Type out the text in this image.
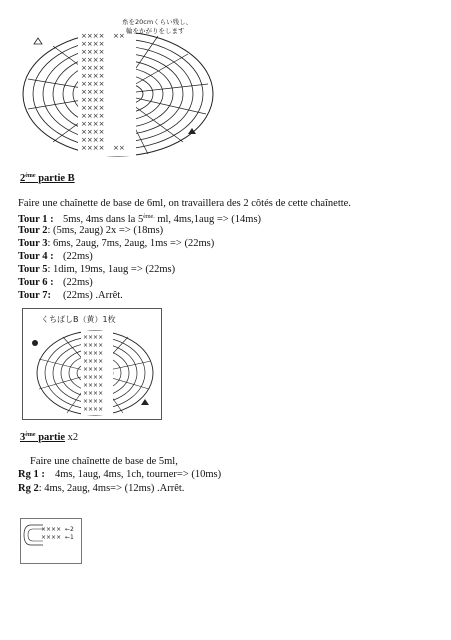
××××
××××
××××
××××
××××
××××
××××
××××
××××
××××
××××
××××
××××
××××
××××
××
××
糸を20cmくらい残し、
輪をかがりをします
2ème partie B
Faire une chaînette de base de 6ml, on travaillera des 2 côtés de cette chaînette.
Tour 1 : 5ms, 4ms dans la $5^{ème.}$ ml, 4ms,1aug => (14ms)
Tour 2: (5ms, 2aug) 2x => (18ms)
Tour 3: 6ms, 2aug, 7ms, 2aug, 1ms => (22ms)
Tour 4 : (22ms)
Tour 5: 1dim, 19ms, 1aug => (22ms)
Tour 6 : (22ms)
Tour 7: (22ms) .Arrêt.
くちばしB（黄）1枚
××××
××××
××××
××××
××××
××××
××××
××××
××××
××××
3ème partie x2
Faire une chaînette de base de 5ml,
Rg 1 : 4ms, 1aug, 4ms, 1ch, tourner=> (10ms)
Rg 2: 4ms, 2aug, 4ms=> (12ms) .Arrêt.
××××
××××
←2
←1
